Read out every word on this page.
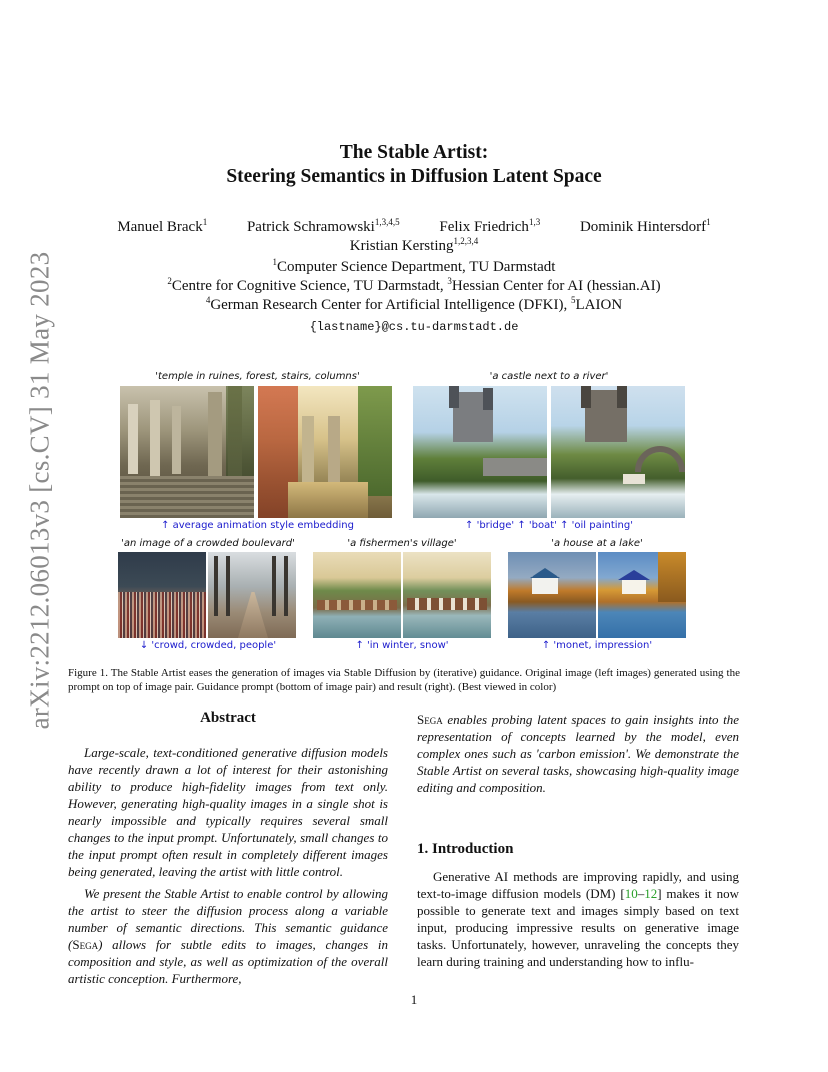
arXiv:2212.06013v3 [cs.CV] 31 May 2023
The Stable Artist:
Steering Semantics in Diffusion Latent Space
Manuel Brack$^1$	Patrick Schramowski$^{1,3,4,5}$	Felix Friedrich$^{1,3}$	Dominik Hintersdorf$^1$
Kristian Kersting$^{1,2,3,4}$
$^1$Computer Science Department, TU Darmstadt
$^2$Centre for Cognitive Science, TU Darmstadt, $^3$Hessian Center for AI (hessian.AI)
$^4$German Research Center for Artificial Intelligence (DFKI), $^5$LAION
{lastname}@cs.tu-darmstadt.de
'temple in ruines, forest, stairs, columns'	'a castle next to a river'
↑ average animation style embedding	↑ 'bridge' ↑ 'boat' ↑ 'oil painting'
'an image of a crowded boulevard'	'a fishermen's village'	'a house at a lake'
↓ 'crowd, crowded, people'	↑ 'in winter, snow'	↑ 'monet, impression'
Figure 1. The Stable Artist eases the generation of images via Stable Diffusion by (iterative) guidance. Original image (left images) generated using the prompt on top of image pair. Guidance prompt (bottom of image pair) and result (right). (Best viewed in color)
Abstract

Large-scale, text-conditioned generative diffusion models have recently drawn a lot of interest for their astonishing ability to produce high-fidelity images from text only. However, generating high-quality images in a single shot is nearly impossible and typically requires several small changes to the input prompt. Unfortunately, small changes to the input prompt often result in completely different images being generated, leaving the artist with little control.

We present the Stable Artist to enable control by allowing the artist to steer the diffusion process along a variable number of semantic directions. This semantic guidance (Sega) allows for subtle edits to images, changes in composition and style, as well as optimization of the overall artistic conception. Furthermore,

Sega enables probing latent spaces to gain insights into the representation of concepts learned by the model, even complex ones such as 'carbon emission'. We demonstrate the Stable Artist on several tasks, showcasing high-quality image editing and composition.

1. Introduction

Generative AI methods are improving rapidly, and using text-to-image diffusion models (DM) [10–12] makes it now possible to generate text and images simply based on text input, producing impressive results on generative image tasks. Unfortunately, however, unraveling the concepts they learn during training and understanding how to influ-

1
